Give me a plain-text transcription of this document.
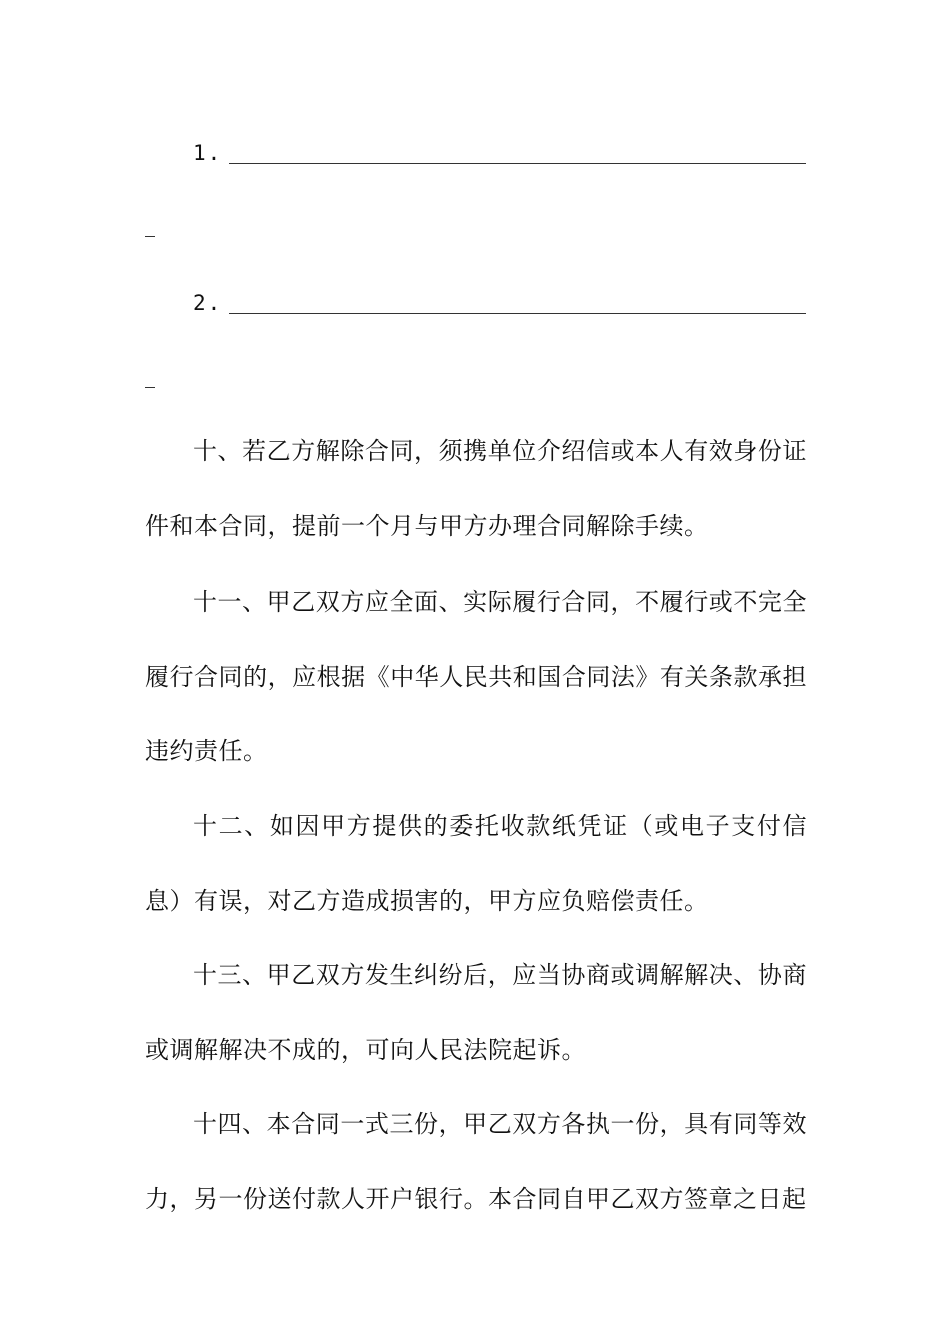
1.
2.

十、若乙方解除合同，须携单位介绍信或本人有效身份证件和本合同，提前一个月与甲方办理合同解除手续。

十一、甲乙双方应全面、实际履行合同，不履行或不完全履行合同的，应根据《中华人民共和国合同法》有关条款承担违约责任。

十二、如因甲方提供的委托收款纸凭证（或电子支付信息）有误，对乙方造成损害的，甲方应负赔偿责任。

十三、甲乙双方发生纠纷后，应当协商或调解解决、协商或调解解决不成的，可向人民法院起诉。

十四、本合同一式三份，甲乙双方各执一份，具有同等效力，另一份送付款人开户银行。本合同自甲乙双方签章之日起
